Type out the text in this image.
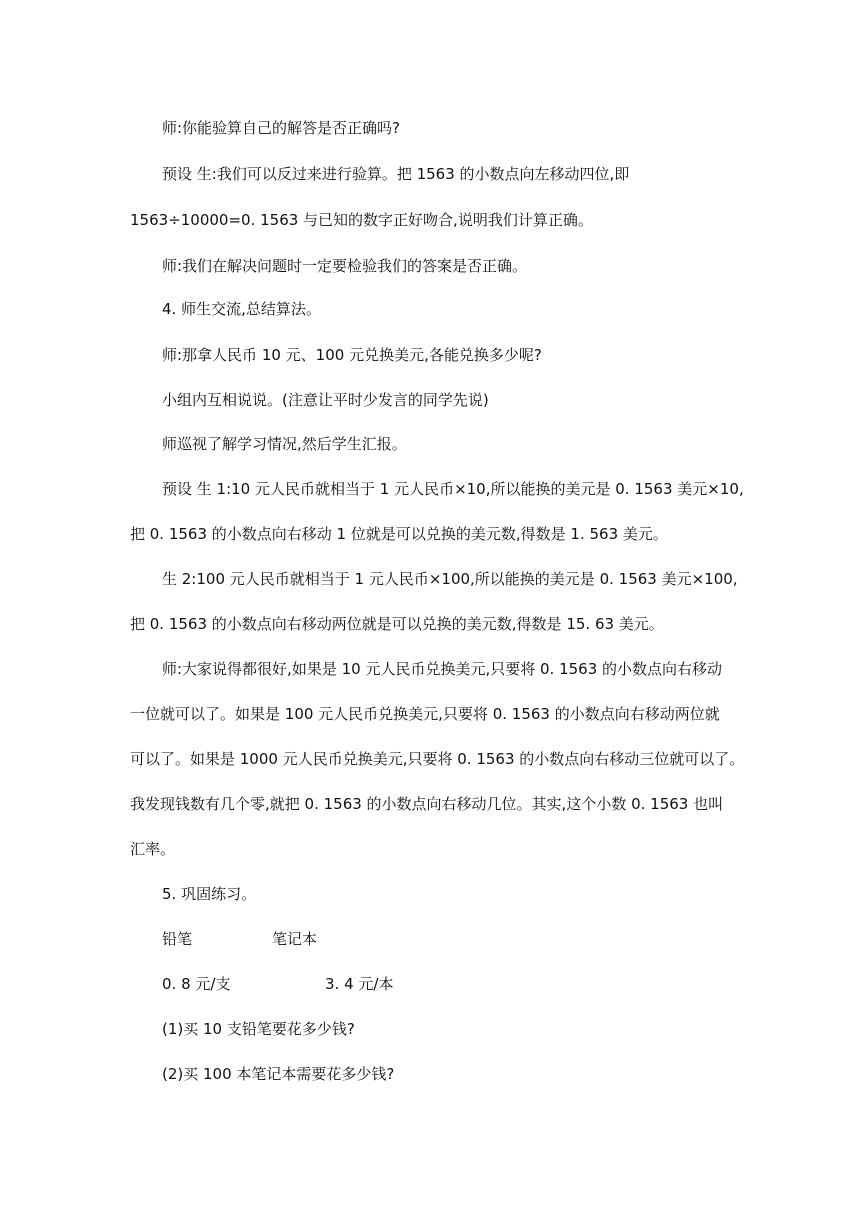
师:你能验算自己的解答是否正确吗?
预设 生:我们可以反过来进行验算。把 1563 的小数点向左移动四位,即
1563÷10000=0. 1563 与已知的数字正好吻合,说明我们计算正确。
师:我们在解决问题时一定要检验我们的答案是否正确。
4. 师生交流,总结算法。
师:那拿人民币 10 元、100 元兑换美元,各能兑换多少呢?
小组内互相说说。(注意让平时少发言的同学先说)
师巡视了解学习情况,然后学生汇报。
预设 生 1:10 元人民币就相当于 1 元人民币×10,所以能换的美元是 0. 1563 美元×10,
把 0. 1563 的小数点向右移动 1 位就是可以兑换的美元数,得数是 1. 563 美元。
生 2:100 元人民币就相当于 1 元人民币×100,所以能换的美元是 0. 1563 美元×100,
把 0. 1563 的小数点向右移动两位就是可以兑换的美元数,得数是 15. 63 美元。
师:大家说得都很好,如果是 10 元人民币兑换美元,只要将 0. 1563 的小数点向右移动
一位就可以了。如果是 100 元人民币兑换美元,只要将 0. 1563 的小数点向右移动两位就
可以了。如果是 1000 元人民币兑换美元,只要将 0. 1563 的小数点向右移动三位就可以了。
我发现钱数有几个零,就把 0. 1563 的小数点向右移动几位。其实,这个小数 0. 1563 也叫
汇率。
5. 巩固练习。
铅笔	笔记本
0. 8 元/支	3. 4 元/本
(1)买 10 支铅笔要花多少钱?
(2)买 100 本笔记本需要花多少钱?
